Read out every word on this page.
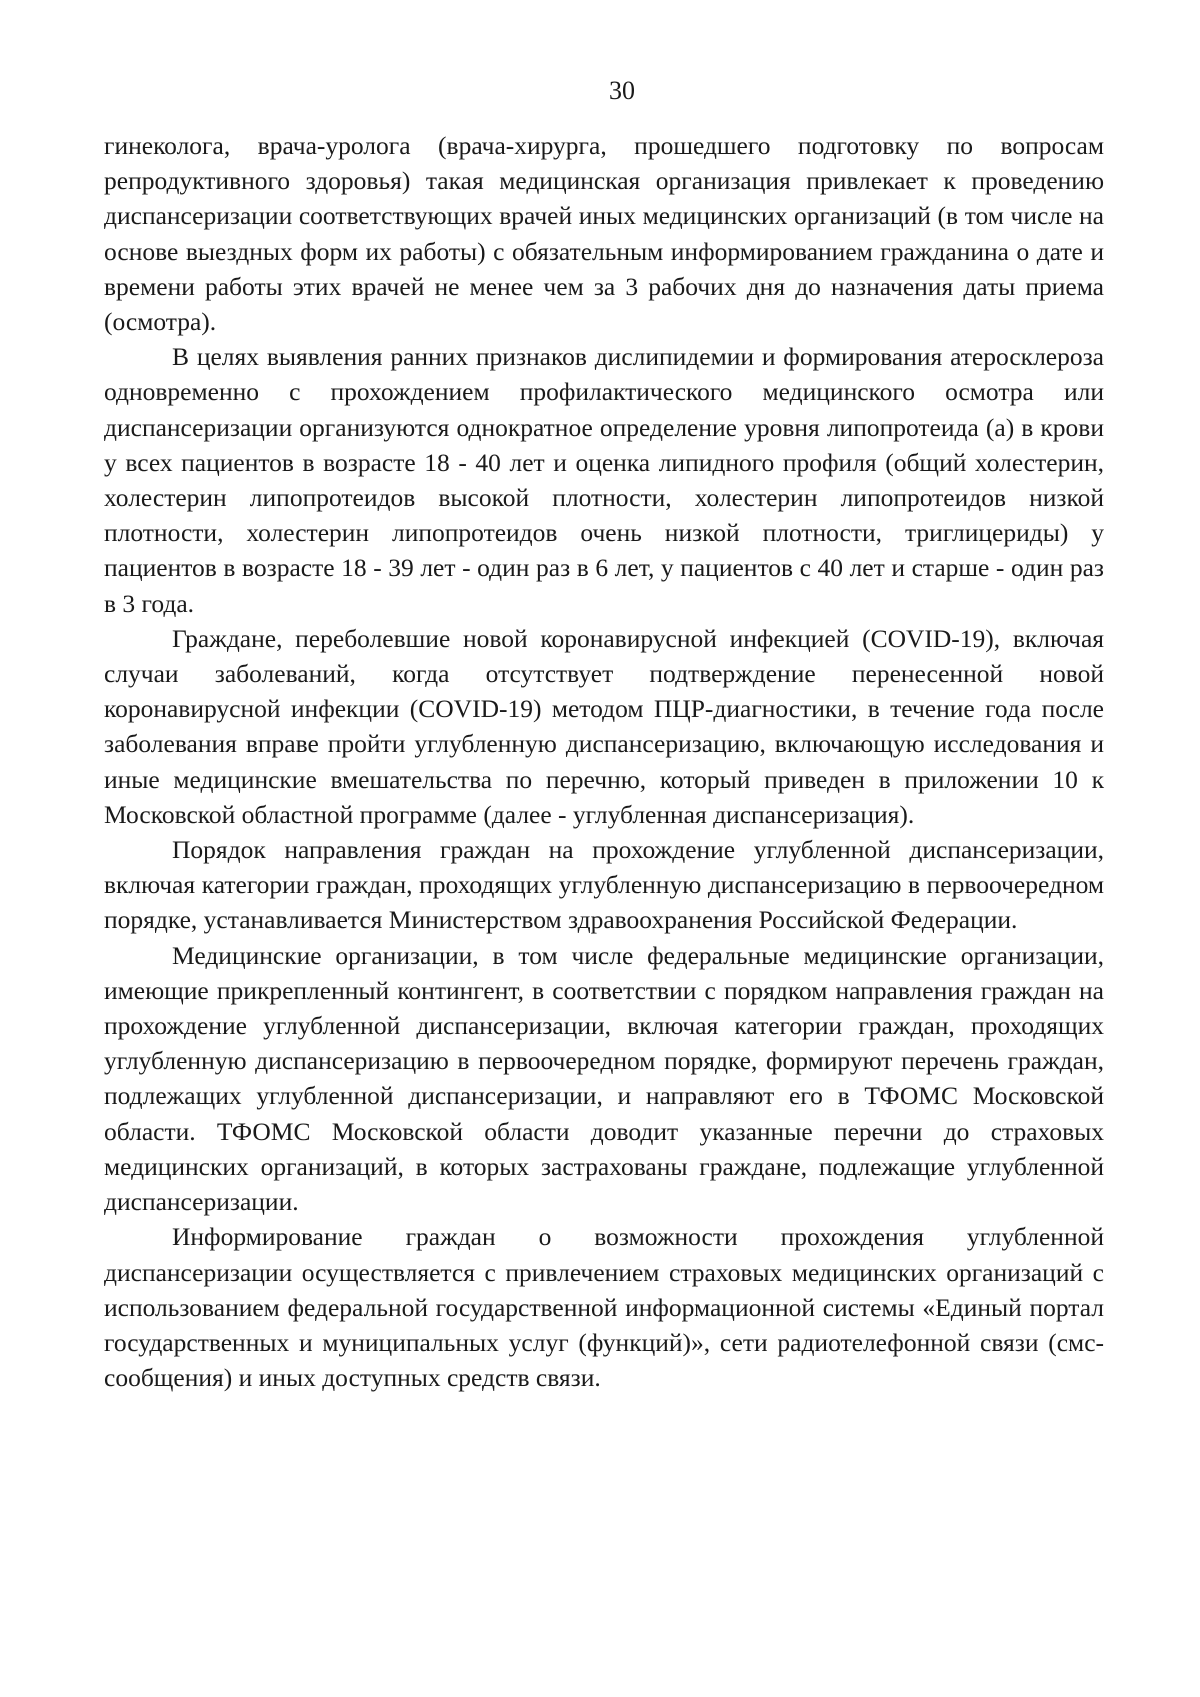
30

гинеколога, врача-уролога (врача-хирурга, прошедшего подготовку по вопросам репродуктивного здоровья) такая медицинская организация привлекает к проведению диспансеризации соответствующих врачей иных медицинских организаций (в том числе на основе выездных форм их работы) с обязательным информированием гражданина о дате и времени работы этих врачей не менее чем за 3 рабочих дня до назначения даты приема (осмотра).

В целях выявления ранних признаков дислипидемии и формирования атеросклероза одновременно с прохождением профилактического медицинского осмотра или диспансеризации организуются однократное определение уровня липопротеида (а) в крови у всех пациентов в возрасте 18 - 40 лет и оценка липидного профиля (общий холестерин, холестерин липопротеидов высокой плотности, холестерин липопротеидов низкой плотности, холестерин липопротеидов очень низкой плотности, триглицериды) у пациентов в возрасте 18 - 39 лет - один раз в 6 лет, у пациентов с 40 лет и старше - один раз в 3 года.

Граждане, переболевшие новой коронавирусной инфекцией (COVID-19), включая случаи заболеваний, когда отсутствует подтверждение перенесенной новой коронавирусной инфекции (COVID-19) методом ПЦР-диагностики, в течение года после заболевания вправе пройти углубленную диспансеризацию, включающую исследования и иные медицинские вмешательства по перечню, который приведен в приложении 10 к Московской областной программе (далее - углубленная диспансеризация).

Порядок направления граждан на прохождение углубленной диспансеризации, включая категории граждан, проходящих углубленную диспансеризацию в первоочередном порядке, устанавливается Министерством здравоохранения Российской Федерации.

Медицинские организации, в том числе федеральные медицинские организации, имеющие прикрепленный контингент, в соответствии с порядком направления граждан на прохождение углубленной диспансеризации, включая категории граждан, проходящих углубленную диспансеризацию в первоочередном порядке, формируют перечень граждан, подлежащих углубленной диспансеризации, и направляют его в ТФОМС Московской области. ТФОМС Московской области доводит указанные перечни до страховых медицинских организаций, в которых застрахованы граждане, подлежащие углубленной диспансеризации.

Информирование граждан о возможности прохождения углубленной диспансеризации осуществляется с привлечением страховых медицинских организаций с использованием федеральной государственной информационной системы «Единый портал государственных и муниципальных услуг (функций)», сети радиотелефонной связи (смс- сообщения) и иных доступных средств связи.
